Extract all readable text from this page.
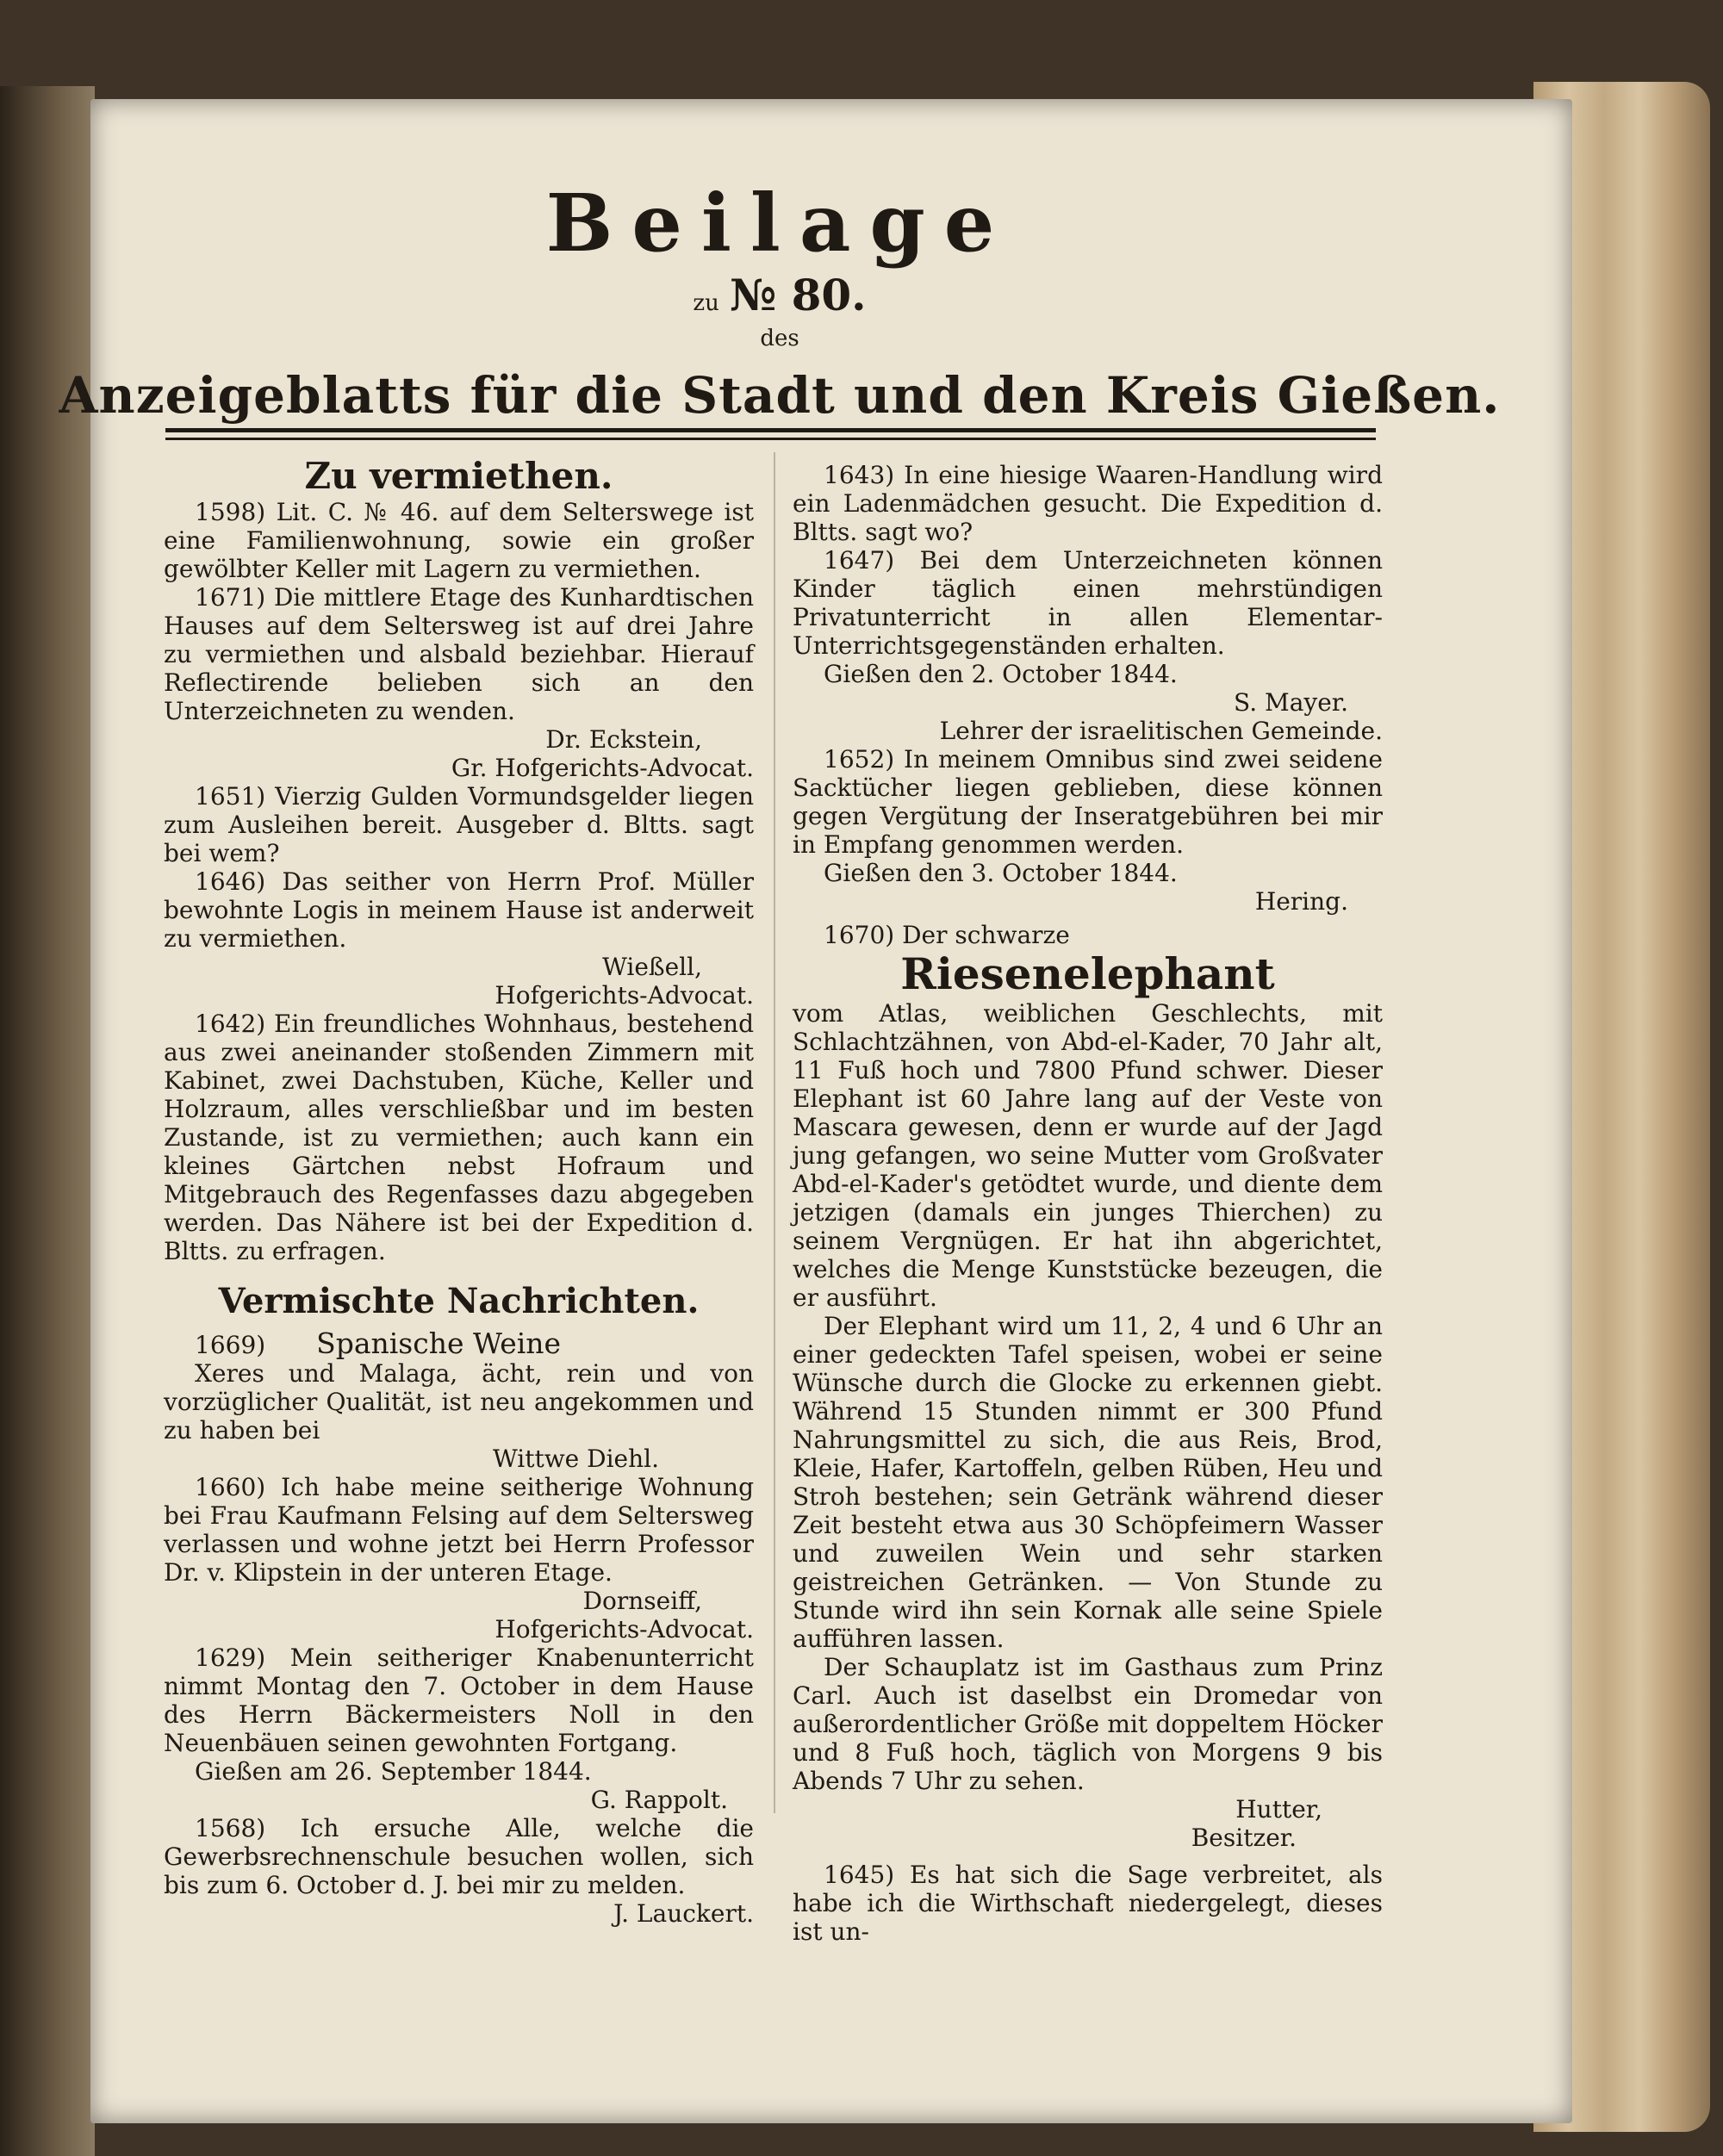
Beilage
zu № 80.
des
Anzeigeblatts für die Stadt und den Kreis Gießen.
Zu vermiethen.

1598) Lit. C. № 46. auf dem Selterswege ist eine Familienwohnung, sowie ein großer gewölbter Keller mit Lagern zu vermiethen.

1671) Die mittlere Etage des Kunhardtischen Hauses auf dem Seltersweg ist auf drei Jahre zu vermiethen und alsbald beziehbar. Hierauf Reflectirende belieben sich an den Unterzeichneten zu wenden.

Dr. Eckstein,

Gr. Hofgerichts-Advocat.

1651) Vierzig Gulden Vormundsgelder liegen zum Ausleihen bereit. Ausgeber d. Bltts. sagt bei wem?

1646) Das seither von Herrn Prof. Müller bewohnte Logis in meinem Hause ist anderweit zu vermiethen.

Wießell,

Hofgerichts-Advocat.

1642) Ein freundliches Wohnhaus, bestehend aus zwei aneinander stoßenden Zimmern mit Kabinet, zwei Dachstuben, Küche, Keller und Holzraum, alles verschließbar und im besten Zustande, ist zu vermiethen; auch kann ein kleines Gärtchen nebst Hofraum und Mitgebrauch des Regenfasses dazu abgegeben werden. Das Nähere ist bei der Expedition d. Bltts. zu erfragen.

Vermischte Nachrichten.

1669) Spanische Weine

Xeres und Malaga, ächt, rein und von vorzüglicher Qualität, ist neu angekommen und zu haben bei

Wittwe Diehl.

1660) Ich habe meine seitherige Wohnung bei Frau Kaufmann Felsing auf dem Seltersweg verlassen und wohne jetzt bei Herrn Professor Dr. v. Klipstein in der unteren Etage.

Dornseiff,

Hofgerichts-Advocat.

1629) Mein seitheriger Knabenunterricht nimmt Montag den 7. October in dem Hause des Herrn Bäckermeisters Noll in den Neuenbäuen seinen gewohnten Fortgang.

Gießen am 26. September 1844.

G. Rappolt.

1568) Ich ersuche Alle, welche die Gewerbsrechnenschule besuchen wollen, sich bis zum 6. October d. J. bei mir zu melden.

J. Lauckert.

1643) In eine hiesige Waaren-Handlung wird ein Ladenmädchen gesucht. Die Expedition d. Bltts. sagt wo?

1647) Bei dem Unterzeichneten können Kinder täglich einen mehrstündigen Privatunterricht in allen Elementar-Unterrichtsgegenständen erhalten.

Gießen den 2. October 1844.

S. Mayer.

Lehrer der israelitischen Gemeinde.

1652) In meinem Omnibus sind zwei seidene Sacktücher liegen geblieben, diese können gegen Vergütung der Inseratgebühren bei mir in Empfang genommen werden.

Gießen den 3. October 1844.

Hering.

1670) Der schwarze

Riesenelephant

vom Atlas, weiblichen Geschlechts, mit Schlachtzähnen, von Abd-el-Kader, 70 Jahr alt, 11 Fuß hoch und 7800 Pfund schwer. Dieser Elephant ist 60 Jahre lang auf der Veste von Mascara gewesen, denn er wurde auf der Jagd jung gefangen, wo seine Mutter vom Großvater Abd-el-Kader's getödtet wurde, und diente dem jetzigen (damals ein junges Thierchen) zu seinem Vergnügen. Er hat ihn abgerichtet, welches die Menge Kunststücke bezeugen, die er ausführt.

Der Elephant wird um 11, 2, 4 und 6 Uhr an einer gedeckten Tafel speisen, wobei er seine Wünsche durch die Glocke zu erkennen giebt. Während 15 Stunden nimmt er 300 Pfund Nahrungsmittel zu sich, die aus Reis, Brod, Kleie, Hafer, Kartoffeln, gelben Rüben, Heu und Stroh bestehen; sein Getränk während dieser Zeit besteht etwa aus 30 Schöpfeimern Wasser und zuweilen Wein und sehr starken geistreichen Getränken. — Von Stunde zu Stunde wird ihn sein Kornak alle seine Spiele aufführen lassen.

Der Schauplatz ist im Gasthaus zum Prinz Carl. Auch ist daselbst ein Dromedar von außerordentlicher Größe mit doppeltem Höcker und 8 Fuß hoch, täglich von Morgens 9 bis Abends 7 Uhr zu sehen.

Hutter,

Besitzer.

1645) Es hat sich die Sage verbreitet, als habe ich die Wirthschaft niedergelegt, dieses ist un-
